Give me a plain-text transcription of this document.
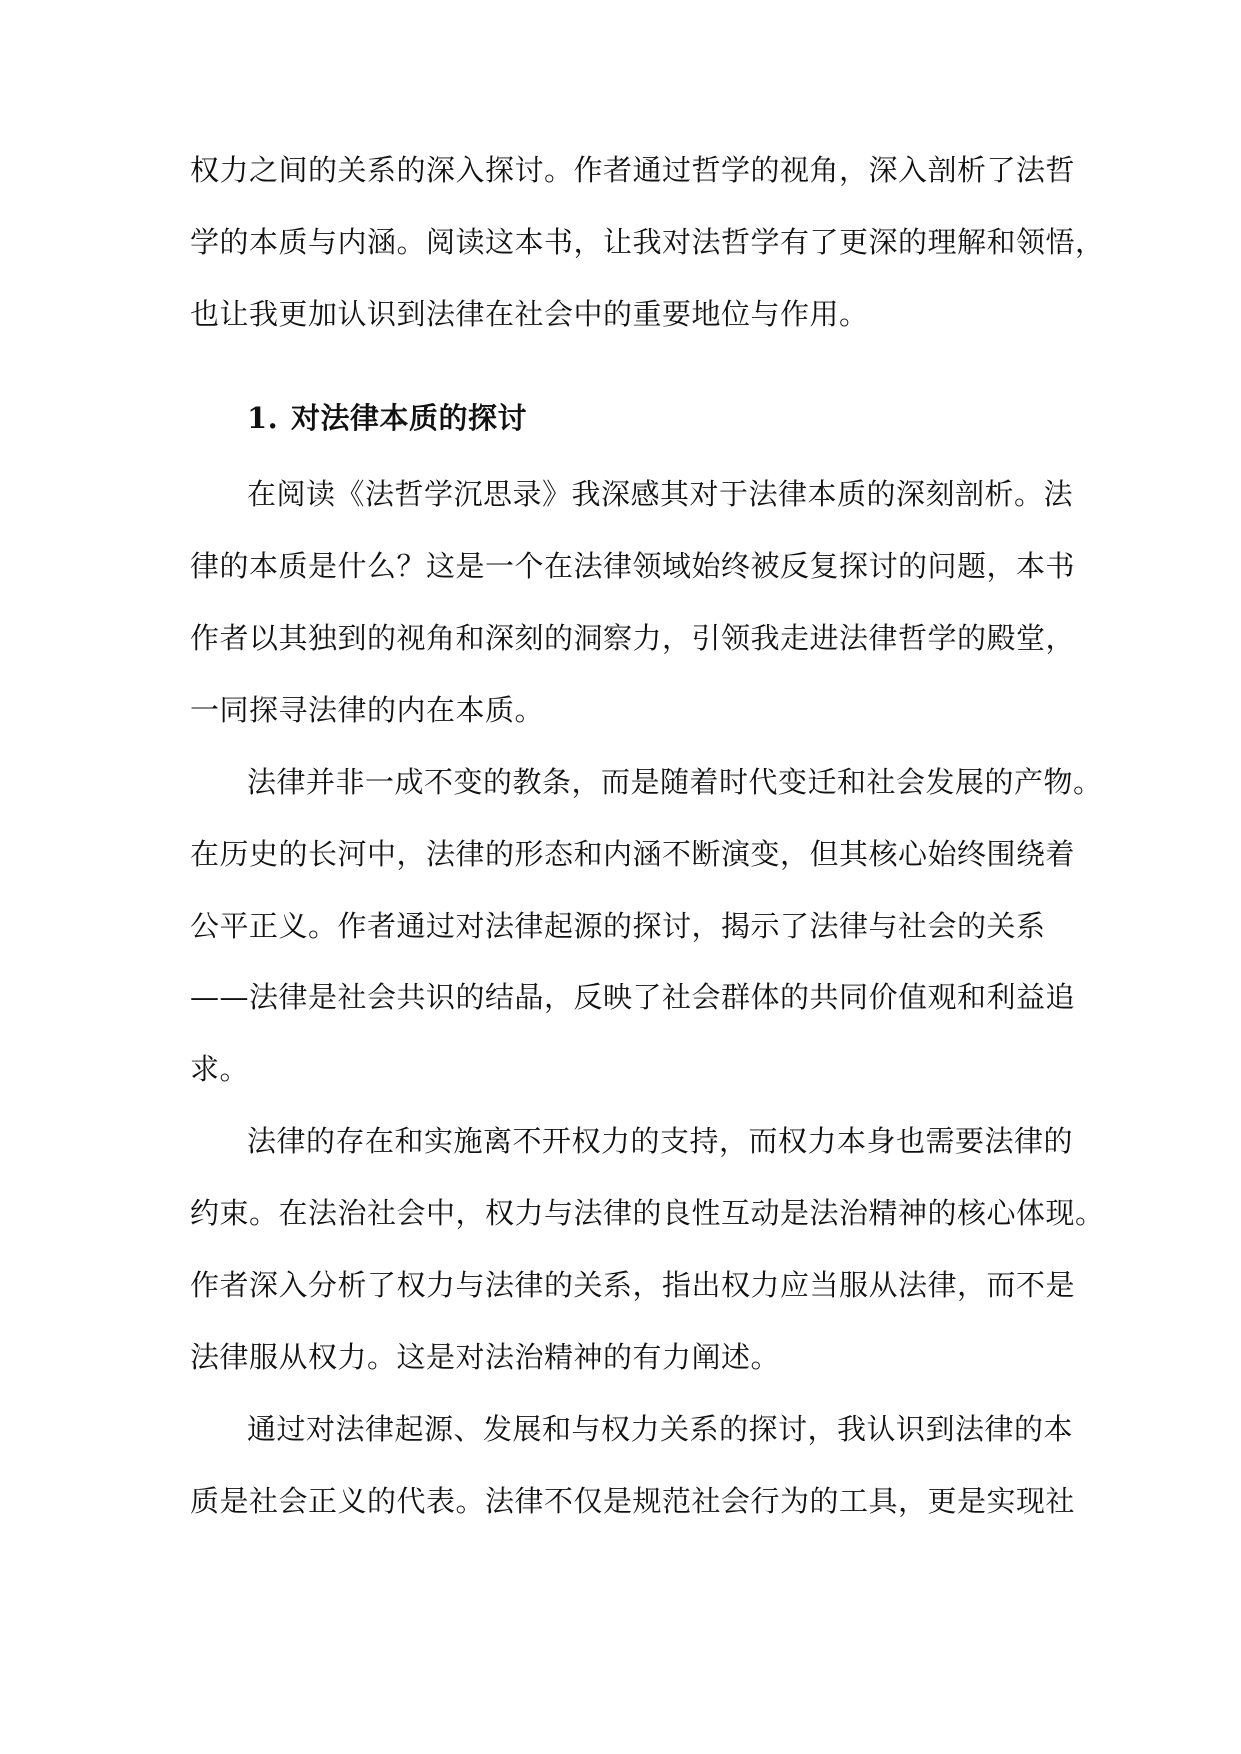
权力之间的关系的深入探讨。作者通过哲学的视角，深入剖析了法哲
学的本质与内涵。阅读这本书，让我对法哲学有了更深的理解和领悟，
也让我更加认识到法律在社会中的重要地位与作用。
1. 对法律本质的探讨
在阅读《法哲学沉思录》我深感其对于法律本质的深刻剖析。法
律的本质是什么？这是一个在法律领域始终被反复探讨的问题，本书
作者以其独到的视角和深刻的洞察力，引领我走进法律哲学的殿堂，
一同探寻法律的内在本质。
法律并非一成不变的教条，而是随着时代变迁和社会发展的产物。
在历史的长河中，法律的形态和内涵不断演变，但其核心始终围绕着
公平正义。作者通过对法律起源的探讨，揭示了法律与社会的关系
——法律是社会共识的结晶，反映了社会群体的共同价值观和利益追
求。
法律的存在和实施离不开权力的支持，而权力本身也需要法律的
约束。在法治社会中，权力与法律的良性互动是法治精神的核心体现。
作者深入分析了权力与法律的关系，指出权力应当服从法律，而不是
法律服从权力。这是对法治精神的有力阐述。
通过对法律起源、发展和与权力关系的探讨，我认识到法律的本
质是社会正义的代表。法律不仅是规范社会行为的工具，更是实现社
